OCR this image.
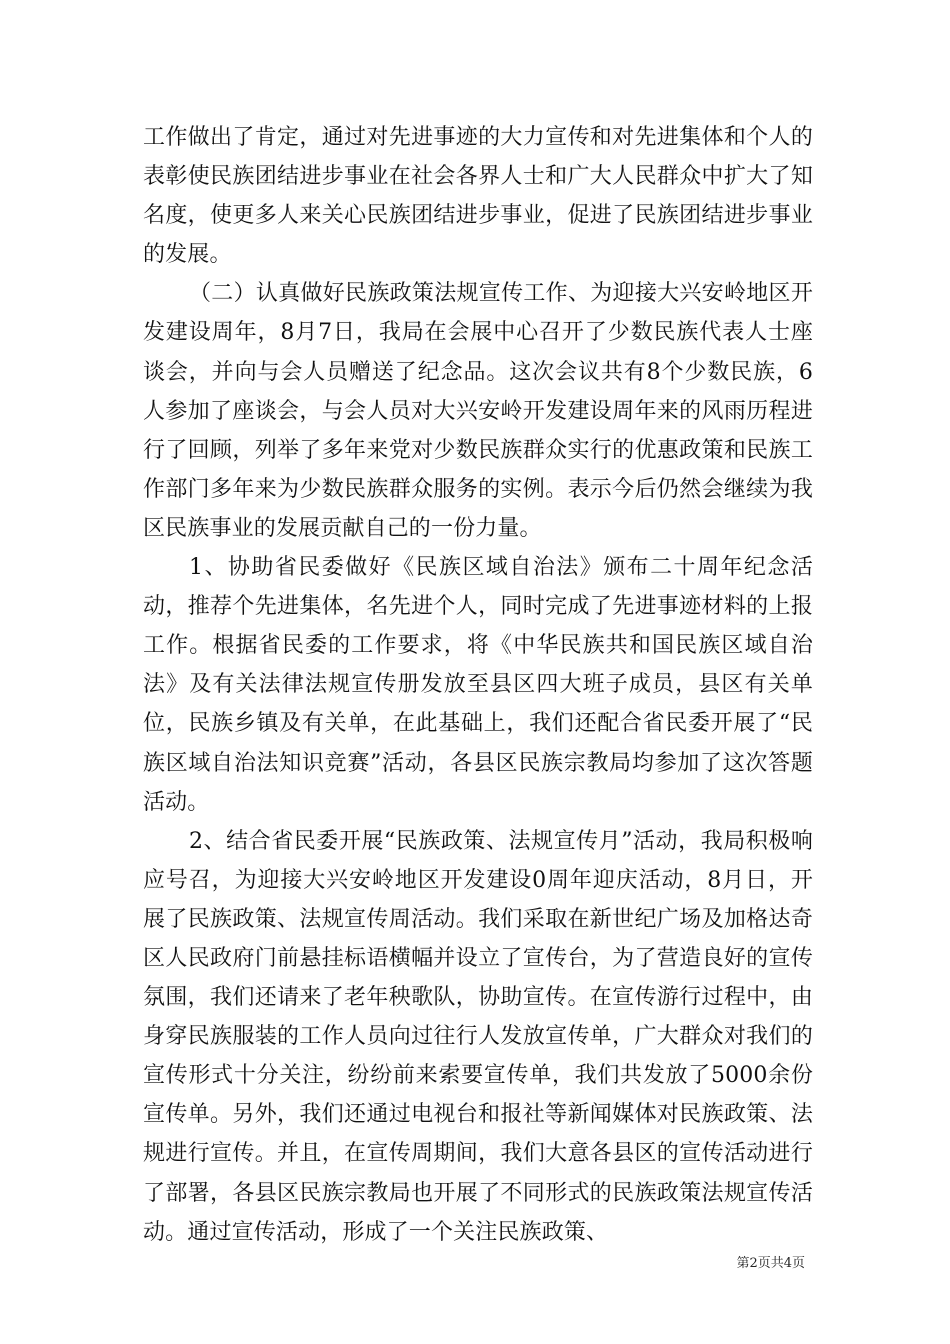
工作做出了肯定，通过对先进事迹的大力宣传和对先进集体和个人的表彰使民族团结进步事业在社会各界人士和广大人民群众中扩大了知名度，使更多人来关心民族团结进步事业，促进了民族团结进步事业的发展。

（二）认真做好民族政策法规宣传工作、为迎接大兴安岭地区开发建设周年，8月7日，我局在会展中心召开了少数民族代表人士座谈会，并向与会人员赠送了纪念品。这次会议共有8个少数民族，6人参加了座谈会，与会人员对大兴安岭开发建设周年来的风雨历程进行了回顾，列举了多年来党对少数民族群众实行的优惠政策和民族工作部门多年来为少数民族群众服务的实例。表示今后仍然会继续为我区民族事业的发展贡献自己的一份力量。

1、协助省民委做好《民族区域自治法》颁布二十周年纪念活动，推荐个先进集体，名先进个人，同时完成了先进事迹材料的上报工作。根据省民委的工作要求，将《中华民族共和国民族区域自治法》及有关法律法规宣传册发放至县区四大班子成员，县区有关单位，民族乡镇及有关单，在此基础上，我们还配合省民委开展了“民族区域自治法知识竞赛”活动，各县区民族宗教局均参加了这次答题活动。

2、结合省民委开展“民族政策、法规宣传月”活动，我局积极响应号召，为迎接大兴安岭地区开发建设0周年迎庆活动，8月日，开展了民族政策、法规宣传周活动。我们采取在新世纪广场及加格达奇区人民政府门前悬挂标语横幅并设立了宣传台，为了营造良好的宣传氛围，我们还请来了老年秧歌队，协助宣传。在宣传游行过程中，由身穿民族服装的工作人员向过往行人发放宣传单，广大群众对我们的宣传形式十分关注，纷纷前来索要宣传单，我们共发放了5000余份宣传单。另外，我们还通过电视台和报社等新闻媒体对民族政策、法规进行宣传。并且，在宣传周期间，我们大意各县区的宣传活动进行了部署，各县区民族宗教局也开展了不同形式的民族政策法规宣传活动。通过宣传活动，形成了一个关注民族政策、

第2页共4页
